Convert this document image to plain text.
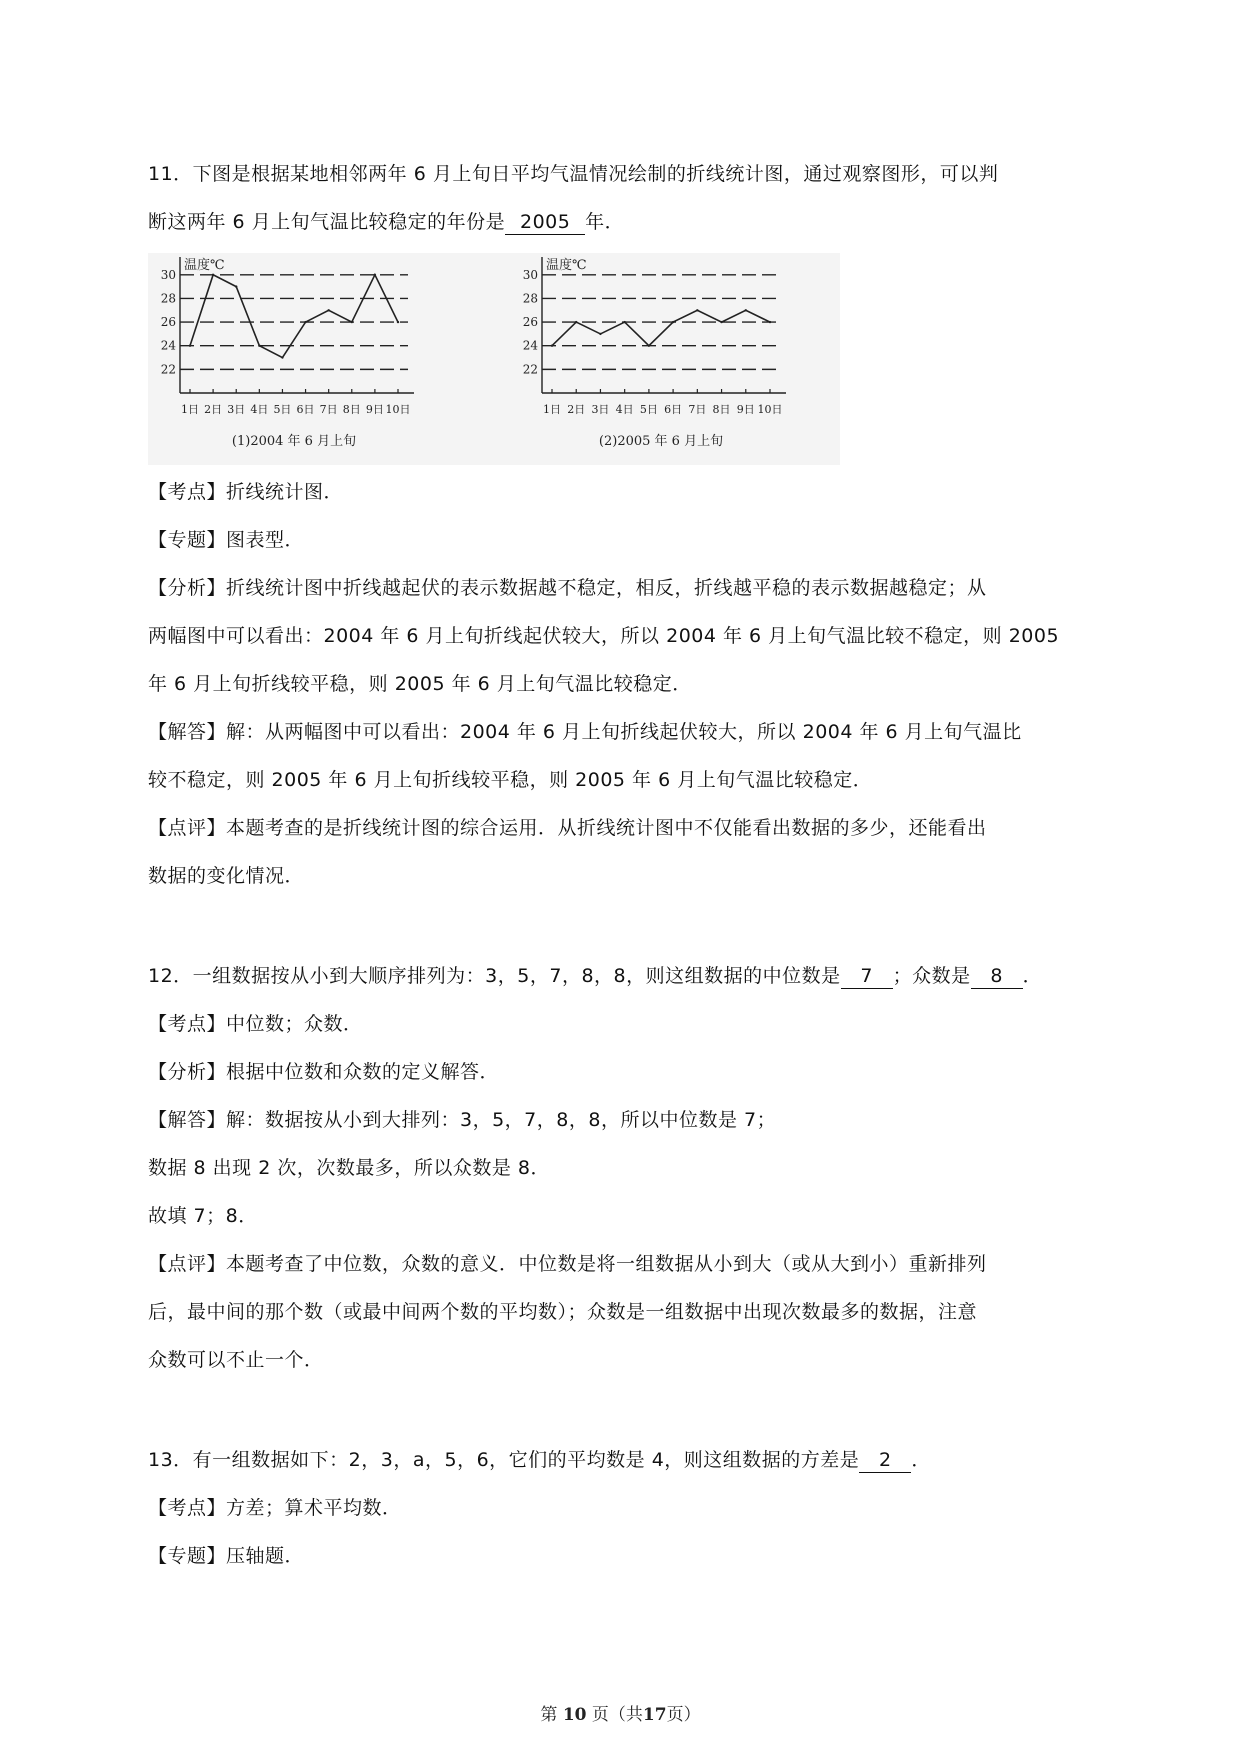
11．下图是根据某地相邻两年 6 月上旬日平均气温情况绘制的折线统计图，通过观察图形，可以判
断这两年 6 月上旬气温比较稳定的年份是 2005 年．
22
24
26
28
30
温度℃
1日 2日 3日 4日 5日 6日 7日 8日 9日 10日
(1)2004 年 6 月上旬
22
24
26
28
30
温度℃
1日 2日 3日 4日 5日 6日 7日 8日 9日 10日
(2)2005 年 6 月上旬
【考点】折线统计图．
【专题】图表型．
【分析】折线统计图中折线越起伏的表示数据越不稳定，相反，折线越平稳的表示数据越稳定；从
两幅图中可以看出：2004 年 6 月上旬折线起伏较大，所以 2004 年 6 月上旬气温比较不稳定，则 2005
年 6 月上旬折线较平稳，则 2005 年 6 月上旬气温比较稳定．
【解答】解：从两幅图中可以看出：2004 年 6 月上旬折线起伏较大，所以 2004 年 6 月上旬气温比
较不稳定，则 2005 年 6 月上旬折线较平稳，则 2005 年 6 月上旬气温比较稳定．
【点评】本题考查的是折线统计图的综合运用．从折线统计图中不仅能看出数据的多少，还能看出
数据的变化情况．
12．一组数据按从小到大顺序排列为：3，5，7，8，8，则这组数据的中位数是 7 ；众数是 8 ．
【考点】中位数；众数．
【分析】根据中位数和众数的定义解答．
【解答】解：数据按从小到大排列：3，5，7，8，8，所以中位数是 7；
数据 8 出现 2 次，次数最多，所以众数是 8．
故填 7；8．
【点评】本题考查了中位数，众数的意义．中位数是将一组数据从小到大（或从大到小）重新排列
后，最中间的那个数（或最中间两个数的平均数）；众数是一组数据中出现次数最多的数据，注意
众数可以不止一个．
13．有一组数据如下：2，3，a，5，6，它们的平均数是 4，则这组数据的方差是 2 ．
【考点】方差；算术平均数．
【专题】压轴题．
第 10 页（共17页）
